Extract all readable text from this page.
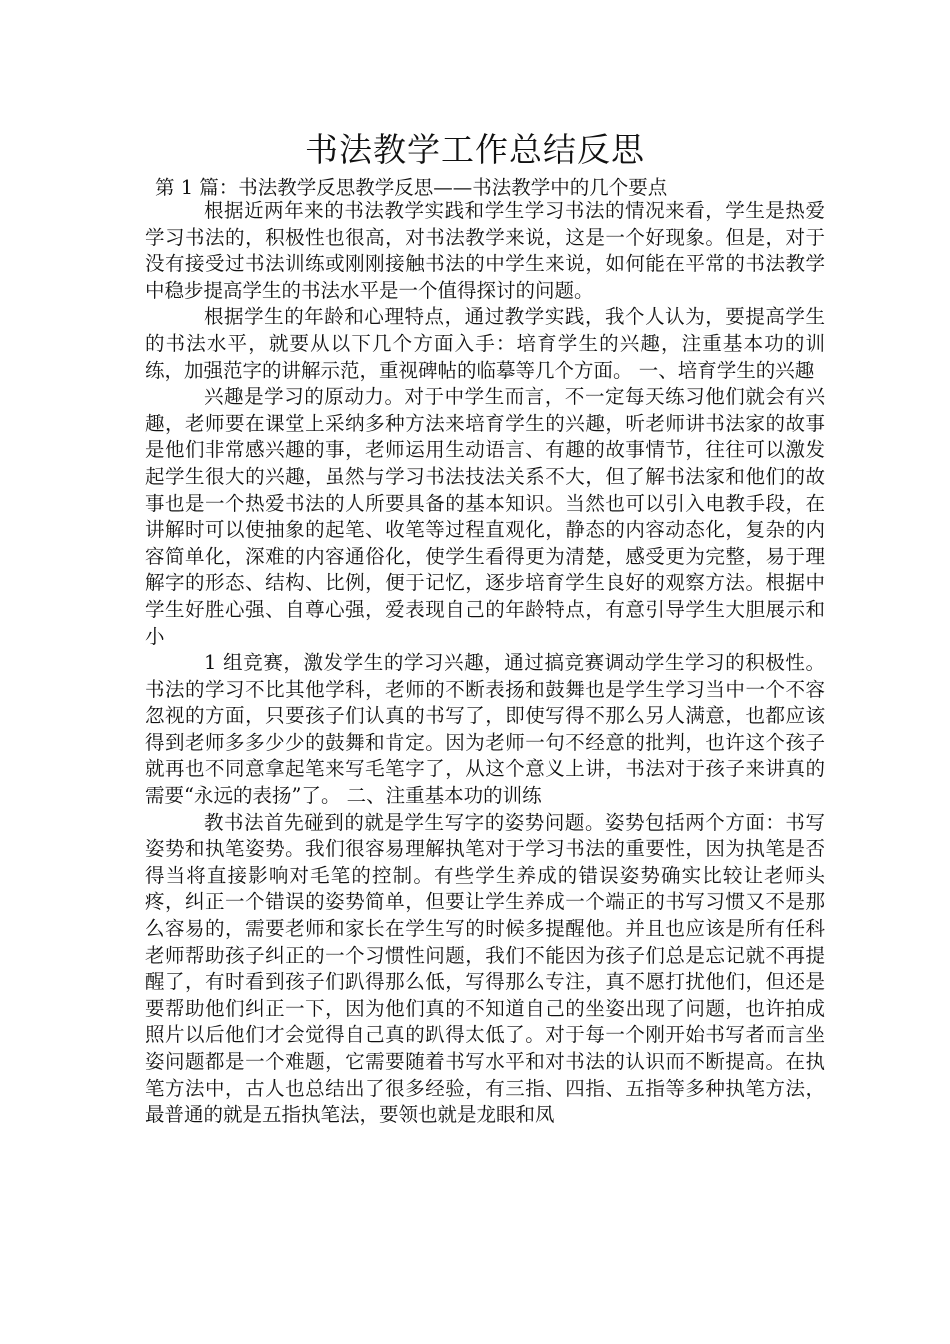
书法教学工作总结反思

第 1 篇：书法教学反思教学反思——书法教学中的几个要点

根据近两年来的书法教学实践和学生学习书法的情况来看，学生是热爱学习书法的，积极性也很高，对书法教学来说，这是一个好现象。但是，对于没有接受过书法训练或刚刚接触书法的中学生来说，如何能在平常的书法教学中稳步提高学生的书法水平是一个值得探讨的问题。

根据学生的年龄和心理特点，通过教学实践，我个人认为，要提高学生的书法水平，就要从以下几个方面入手：培育学生的兴趣，注重基本功的训练，加强范字的讲解示范，重视碑帖的临摹等几个方面。 一、培育学生的兴趣

兴趣是学习的原动力。对于中学生而言，不一定每天练习他们就会有兴趣，老师要在课堂上采纳多种方法来培育学生的兴趣，听老师讲书法家的故事是他们非常感兴趣的事，老师运用生动语言、有趣的故事情节，往往可以激发起学生很大的兴趣，虽然与学习书法技法关系不大，但了解书法家和他们的故事也是一个热爱书法的人所要具备的基本知识。当然也可以引入电教手段，在讲解时可以使抽象的起笔、收笔等过程直观化，静态的内容动态化，复杂的内容简单化，深难的内容通俗化，使学生看得更为清楚，感受更为完整，易于理解字的形态、结构、比例，便于记忆，逐步培育学生良好的观察方法。根据中学生好胜心强、自尊心强，爱表现自己的年龄特点，有意引导学生大胆展示和小

1 组竞赛，激发学生的学习兴趣，通过搞竞赛调动学生学习的积极性。书法的学习不比其他学科，老师的不断表扬和鼓舞也是学生学习当中一个不容忽视的方面，只要孩子们认真的书写了，即使写得不那么另人满意，也都应该得到老师多多少少的鼓舞和肯定。因为老师一句不经意的批判，也许这个孩子就再也不同意拿起笔来写毛笔字了，从这个意义上讲，书法对于孩子来讲真的需要“永远的表扬”了。 二、注重基本功的训练

教书法首先碰到的就是学生写字的姿势问题。姿势包括两个方面：书写姿势和执笔姿势。我们很容易理解执笔对于学习书法的重要性，因为执笔是否得当将直接影响对毛笔的控制。有些学生养成的错误姿势确实比较让老师头疼，纠正一个错误的姿势简单，但要让学生养成一个端正的书写习惯又不是那么容易的，需要老师和家长在学生写的时候多提醒他。并且也应该是所有任科老师帮助孩子纠正的一个习惯性问题，我们不能因为孩子们总是忘记就不再提醒了，有时看到孩子们趴得那么低，写得那么专注，真不愿打扰他们，但还是要帮助他们纠正一下，因为他们真的不知道自己的坐姿出现了问题，也许拍成照片以后他们才会觉得自己真的趴得太低了。对于每一个刚开始书写者而言坐姿问题都是一个难题，它需要随着书写水平和对书法的认识而不断提高。在执笔方法中，古人也总结出了很多经验，有三指、四指、五指等多种执笔方法，最普通的就是五指执笔法，要领也就是龙眼和凤
